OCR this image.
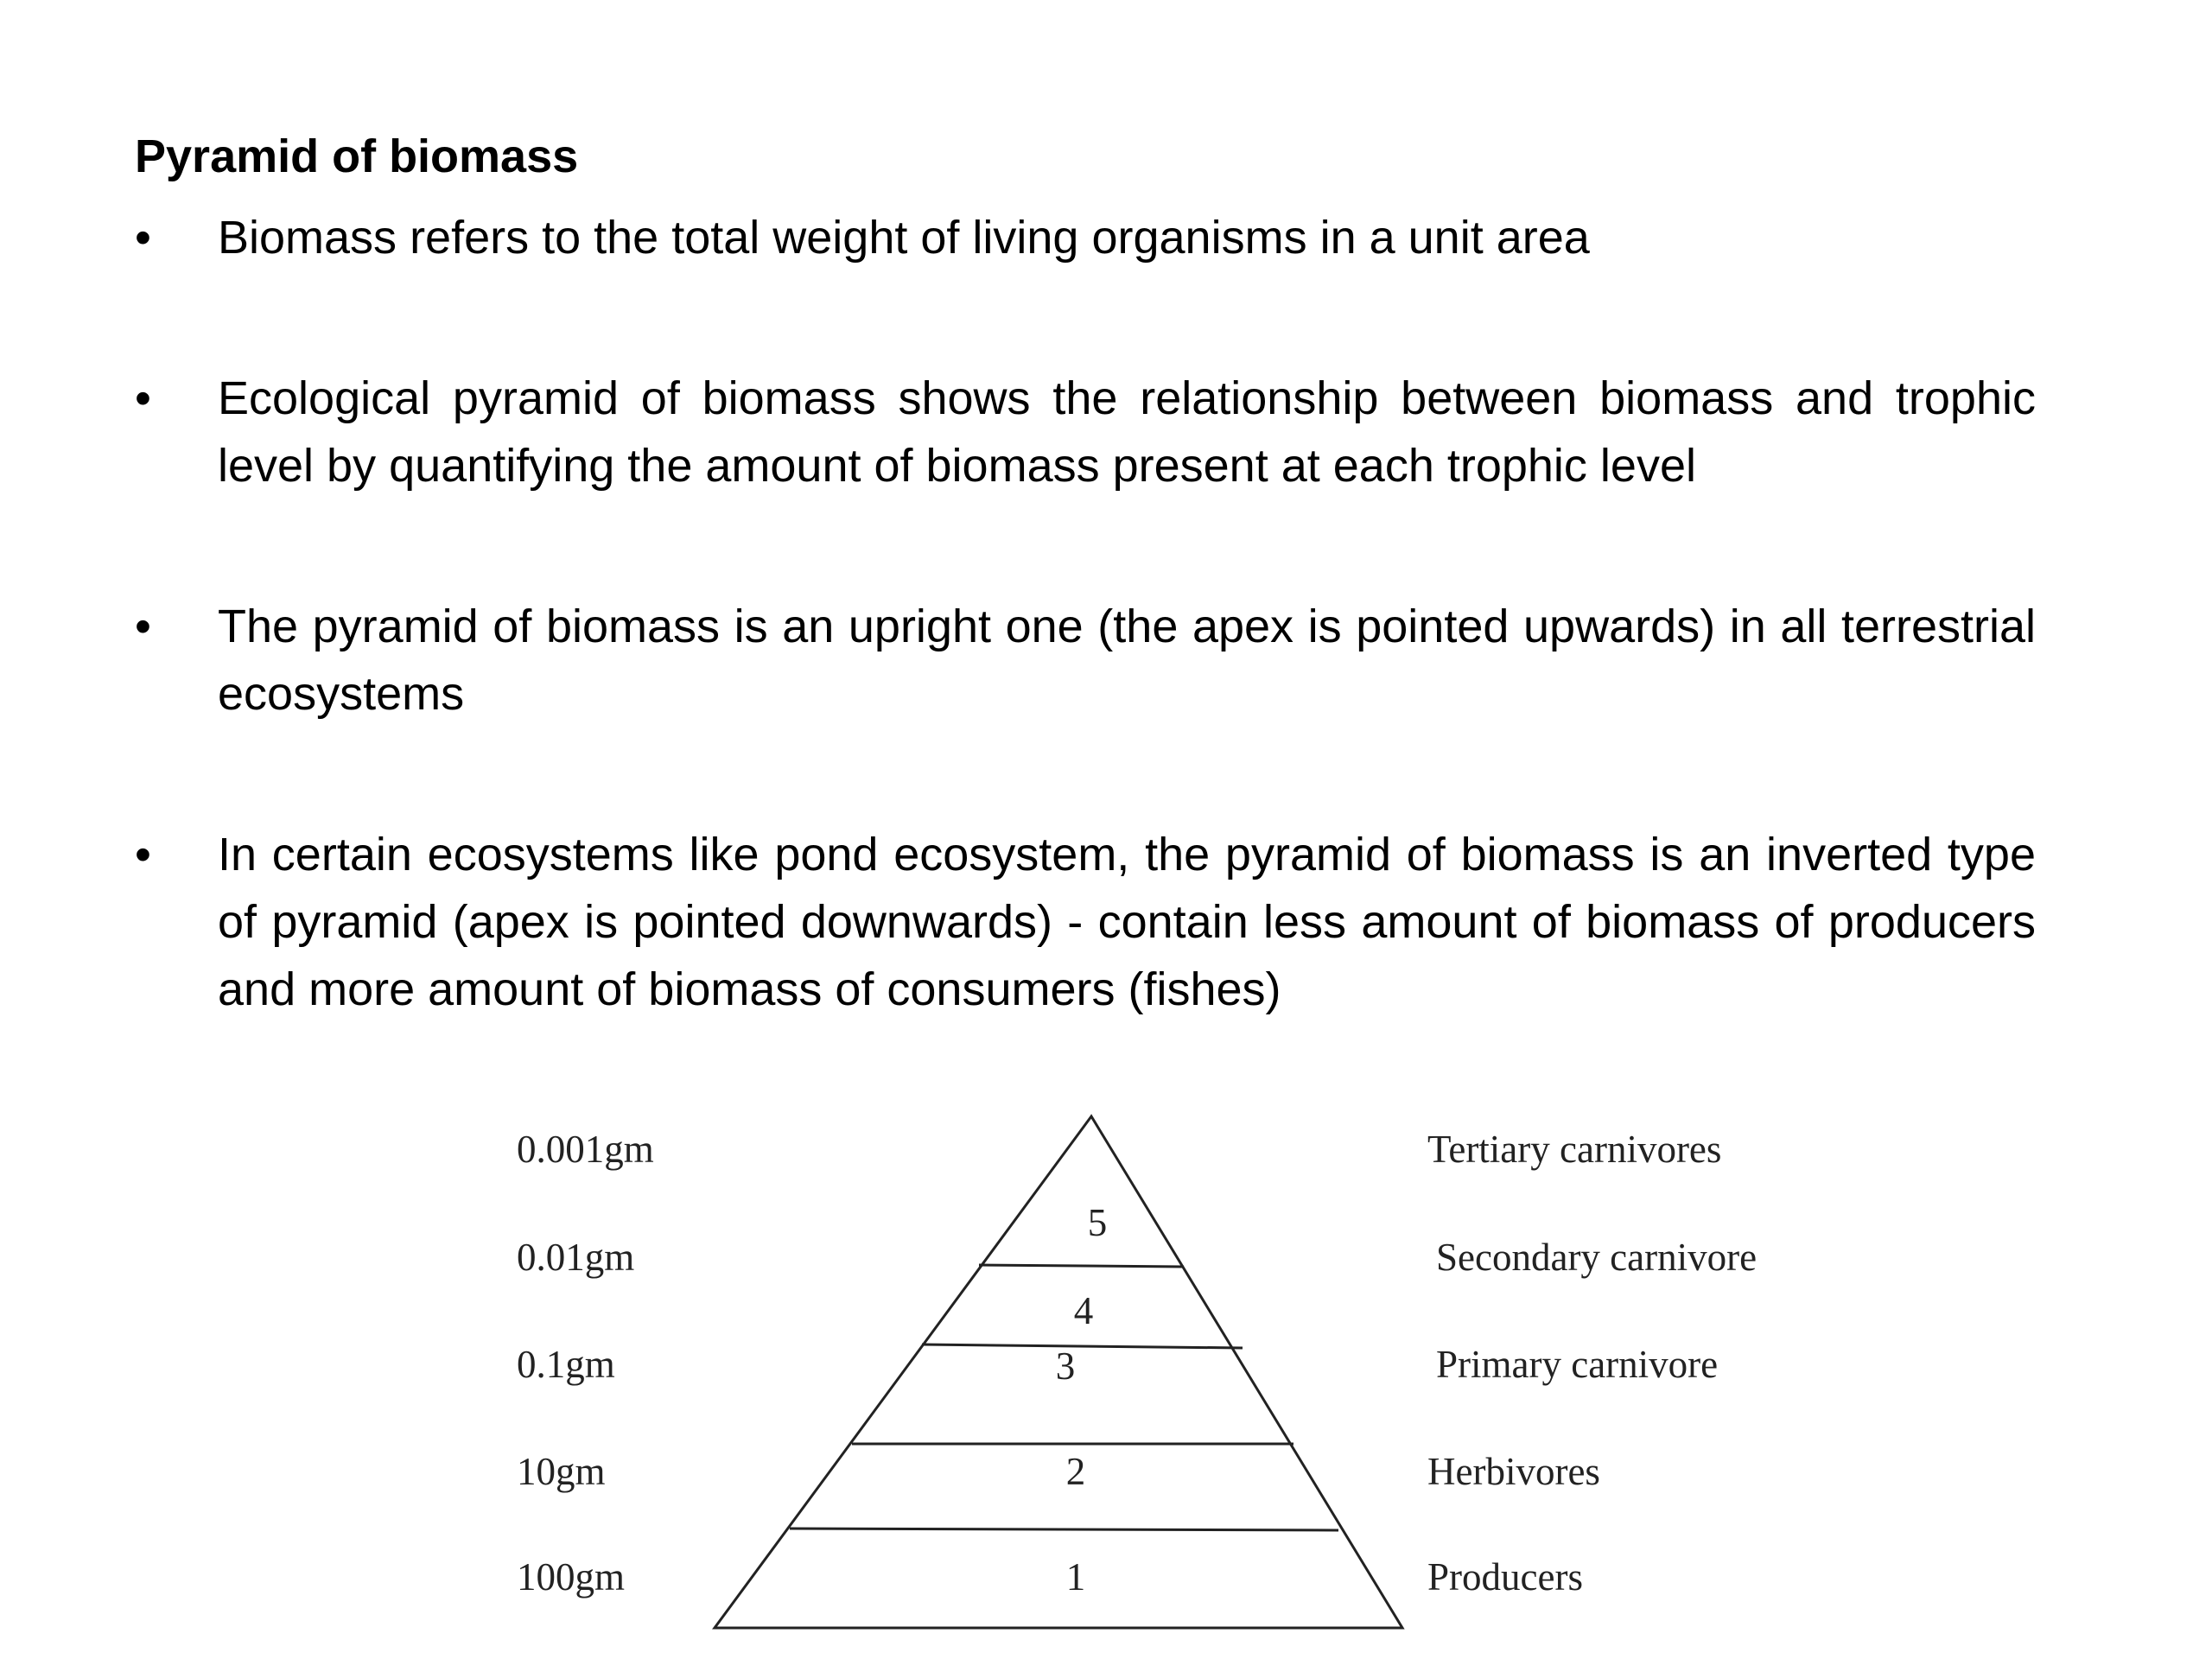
Pyramid of biomass
• Biomass refers to the total weight of living organisms in a unit area
• Ecological pyramid of biomass shows the relationship between biomass and trophic level by quantifying the amount of biomass present at each trophic level
• The pyramid of biomass is an upright one (the apex is pointed upwards) in all terrestrial ecosystems
• In certain ecosystems like pond ecosystem, the pyramid of biomass is an inverted type of pyramid (apex is pointed downwards) - contain less amount of biomass of producers and more amount of biomass of consumers (fishes)
5
4
3
2
1
0.001gm
0.01gm
0.1gm
10gm
100gm
Tertiary carnivores
Secondary carnivore
Primary carnivore
Herbivores
Producers
